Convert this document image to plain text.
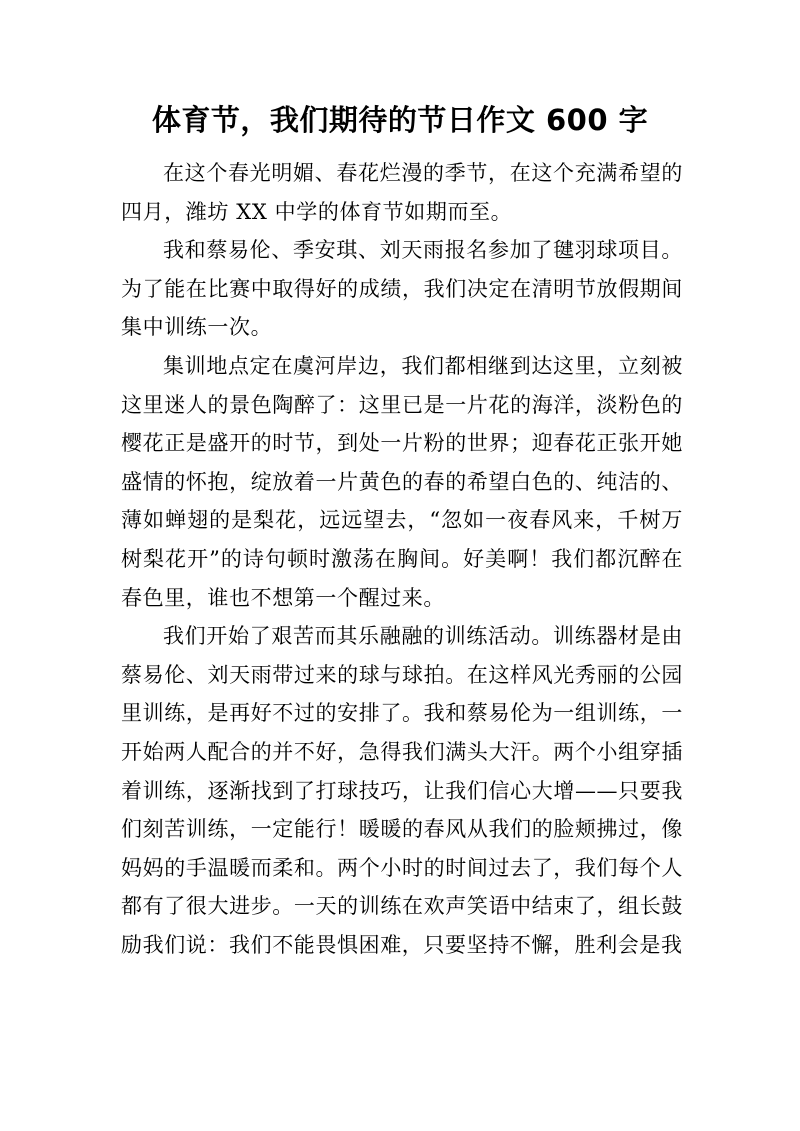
体育节，我们期待的节日作文 600 字

在这个春光明媚、春花烂漫的季节，在这个充满希望的四月，潍坊 XX 中学的体育节如期而至。

我和蔡易伦、季安琪、刘天雨报名参加了毽羽球项目。为了能在比赛中取得好的成绩，我们决定在清明节放假期间集中训练一次。

集训地点定在虞河岸边，我们都相继到达这里，立刻被这里迷人的景色陶醉了：这里已是一片花的海洋，淡粉色的樱花正是盛开的时节，到处一片粉的世界；迎春花正张开她盛情的怀抱，绽放着一片黄色的春的希望白色的、纯洁的、薄如蝉翅的是梨花，远远望去，“忽如一夜春风来，千树万树梨花开”的诗句顿时激荡在胸间。好美啊！我们都沉醉在春色里，谁也不想第一个醒过来。

我们开始了艰苦而其乐融融的训练活动。训练器材是由蔡易伦、刘天雨带过来的球与球拍。在这样风光秀丽的公园里训练，是再好不过的安排了。我和蔡易伦为一组训练，一开始两人配合的并不好，急得我们满头大汗。两个小组穿插着训练，逐渐找到了打球技巧，让我们信心大增——只要我们刻苦训练，一定能行！暖暖的春风从我们的脸颊拂过，像妈妈的手温暖而柔和。两个小时的时间过去了，我们每个人都有了很大进步。一天的训练在欢声笑语中结束了，组长鼓励我们说：我们不能畏惧困难，只要坚持不懈，胜利会是我
